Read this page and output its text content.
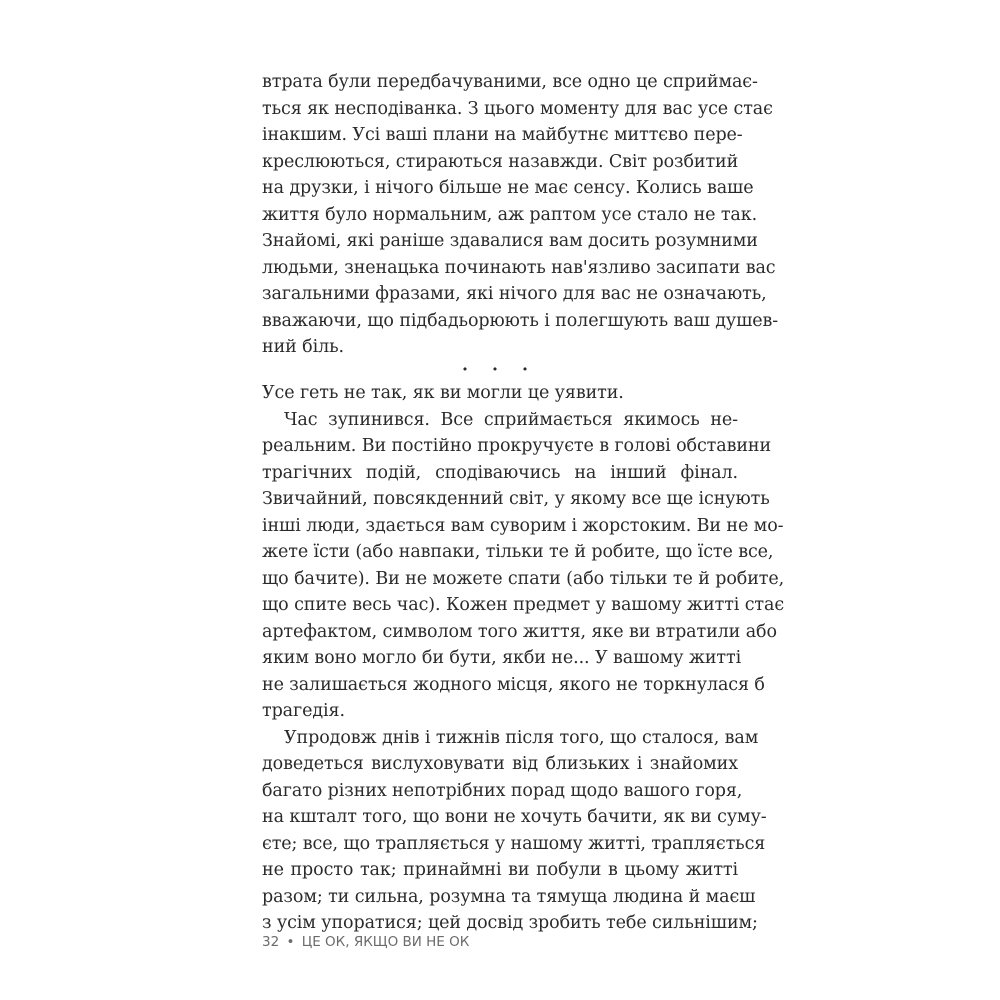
втрата були передбачуваними, все одно це сприймає-
ться як несподіванка. З цього моменту для вас усе стає
інакшим. Усі ваші плани на майбутнє миттєво пере-
креслюються, стираються назавжди. Світ розбитий
на друзки, і нічого більше не має сенсу. Колись ваше
життя було нормальним, аж раптом усе стало не так.
Знайомі, які раніше здавалися вам досить розумними
людьми, зненацька починають нав'язливо засипати вас
загальними фразами, які нічого для вас не означають,
вважаючи, що підбадьорюють і полегшують ваш душев-
ний біль.
• • •
Усе геть не так, як ви могли це уявити.
Час зупинився. Все сприймається якимось не-
реальним. Ви постійно прокручуєте в голові обставини
трагічних подій, сподіваючись на інший фінал.
Звичайний, повсякденний світ, у якому все ще існують
інші люди, здається вам суворим і жорстоким. Ви не мо-
жете їсти (або навпаки, тільки те й робите, що їсте все,
що бачите). Ви не можете спати (або тільки те й робите,
що спите весь час). Кожен предмет у вашому житті стає
артефактом, символом того життя, яке ви втратили або
яким воно могло би бути, якби не... У вашому житті
не залишається жодного місця, якого не торкнулася б
трагедія.
Упродовж днів і тижнів після того, що сталося, вам
доведеться вислуховувати від близьких і знайомих
багато різних непотрібних порад щодо вашого горя,
на кшталт того, що вони не хочуть бачити, як ви суму-
єте; все, що трапляється у нашому житті, трапляється
не просто так; принаймні ви побули в цьому житті
разом; ти сильна, розумна та тямуща людина й маєш
з усім упоратися; цей досвід зробить тебе сильнішим;
32 • ЦЕ ОК, ЯКЩО ВИ НЕ ОК
